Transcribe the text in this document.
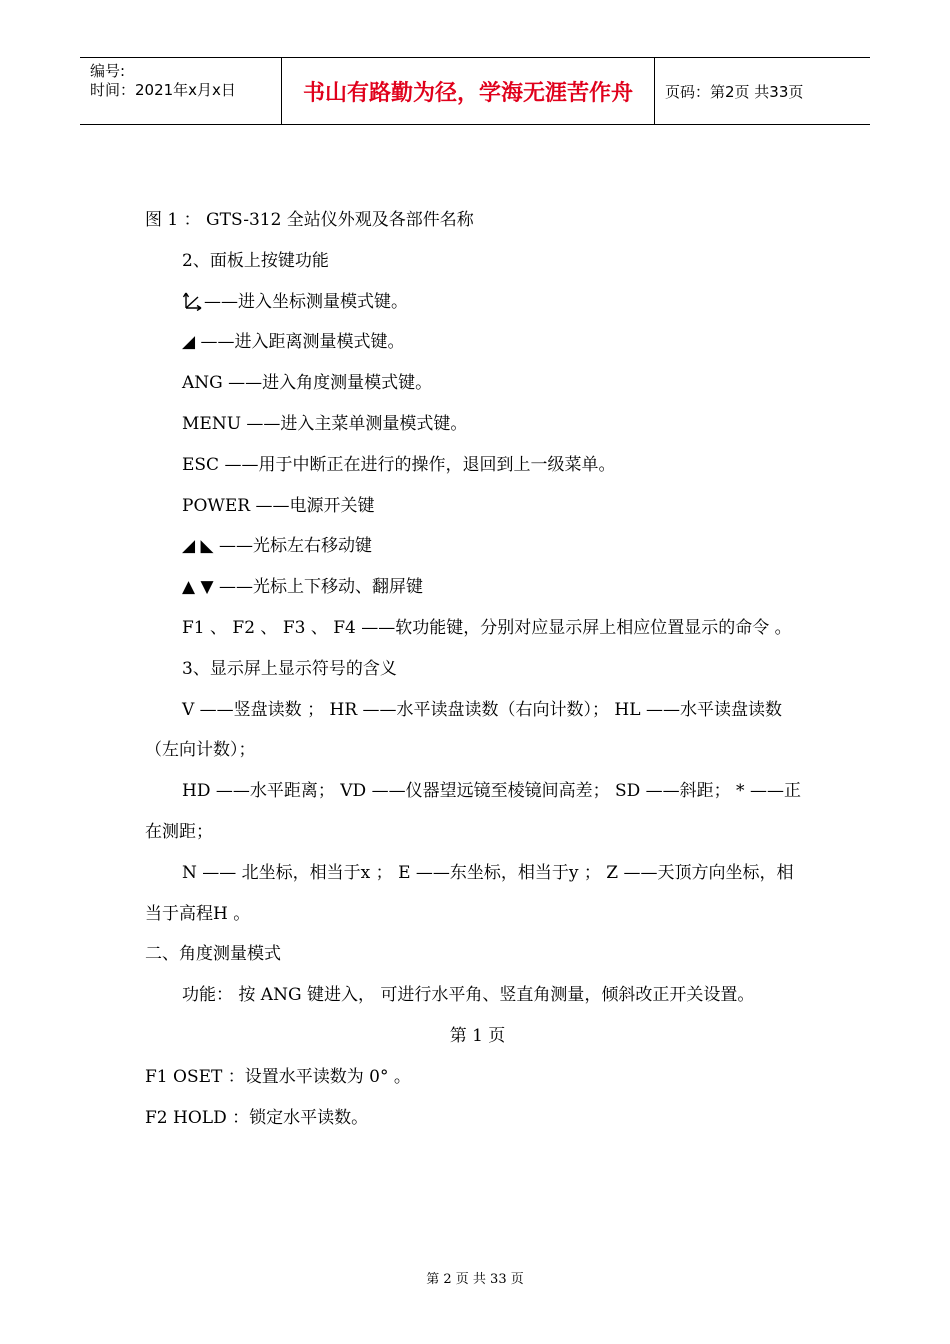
编号:
时间：2021年x月x日	书山有路勤为径，学海无涯苦作舟	页码：第2页 共33页

图 1 ： GTS-312 全站仪外观及各部件名称

2、面板上按键功能

——进入坐标测量模式键。

◢ ——进入距离测量模式键。

ANG ——进入角度测量模式键。

MENU ——进入主菜单测量模式键。

ESC ——用于中断正在进行的操作，退回到上一级菜单。

POWER ——电源开关键

◢ ◣ ——光标左右移动键

▲ ▼ ——光标上下移动、翻屏键

F1 、 F2 、 F3 、 F4 ——软功能键，分别对应显示屏上相应位置显示的命令 。

3、显示屏上显示符号的含义

V ——竖盘读数 ； HR ——水平读盘读数（右向计数）； HL ——水平读盘读数（左向计数）；

HD ——水平距离； VD ——仪器望远镜至棱镜间高差； SD ——斜距； * ——正在测距；

N —— 北坐标，相当于x ； E ——东坐标，相当于y ； Z ——天顶方向坐标，相当于高程H 。

二、角度测量模式

功能： 按 ANG 键进入， 可进行水平角、竖直角测量，倾斜改正开关设置。

第 1 页

F1 OSET ：设置水平读数为 0° 。

F2 HOLD ：锁定水平读数。

第 2 页 共 33 页
